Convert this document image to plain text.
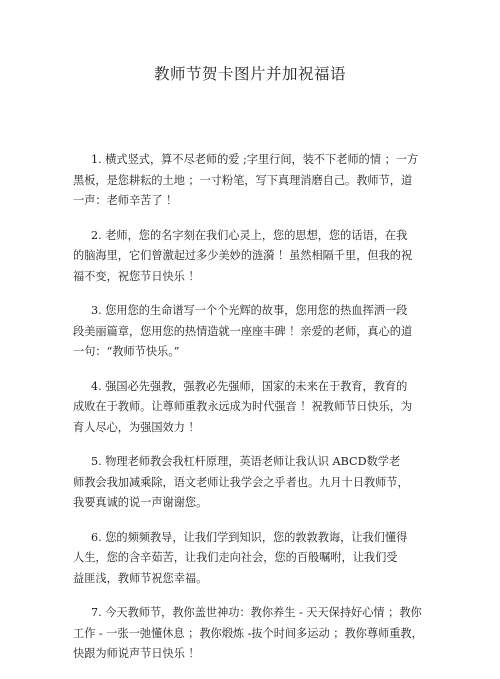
教师节贺卡图片并加祝福语
1. 横式竖式，算不尽老师的爱 ;字里行间，装不下老师的情 ；一方
黑板，是您耕耘的土地 ；一寸粉笔，写下真理消磨自己。教师节，道
一声：老师辛苦了 ！
2. 老师，您的名字刻在我们心灵上，您的思想，您的话语，在我
的脑海里，它们曾激起过多少美妙的涟漪 ！虽然相隔千里，但我的祝
福不变，祝您节日快乐 ！
3. 您用您的生命谱写一个个光辉的故事，您用您的热血挥洒一段
段美丽篇章，您用您的热情造就一座座丰碑 ！亲爱的老师，真心的道
一句：“教师节快乐。”
4. 强国必先强教，强教必先强师，国家的未来在于教育，教育的
成败在于教师。让尊师重教永远成为时代强音 ！祝教师节日快乐，为
育人尽心，为强国效力 ！
5. 物理老师教会我杠杆原理，英语老师让我认识 ABCD数学老
师教会我加减乘除，语文老师让我学会之乎者也。九月十日教师节，
我要真诚的说一声谢谢您。
6. 您的频频教导，让我们学到知识，您的敦敦教诲，让我们懂得
人生，您的含辛茹苦，让我们走向社会，您的百般嘱咐，让我们受
益匪浅，教师节祝您幸福。
7. 今天教师节，教你盖世神功：教你养生 - 天天保持好心情 ；教你
工作 - 一张一弛懂休息 ；教你煅炼 -抜个时间多运动 ；教你尊师重教，
快跟为师说声节日快乐 ！
